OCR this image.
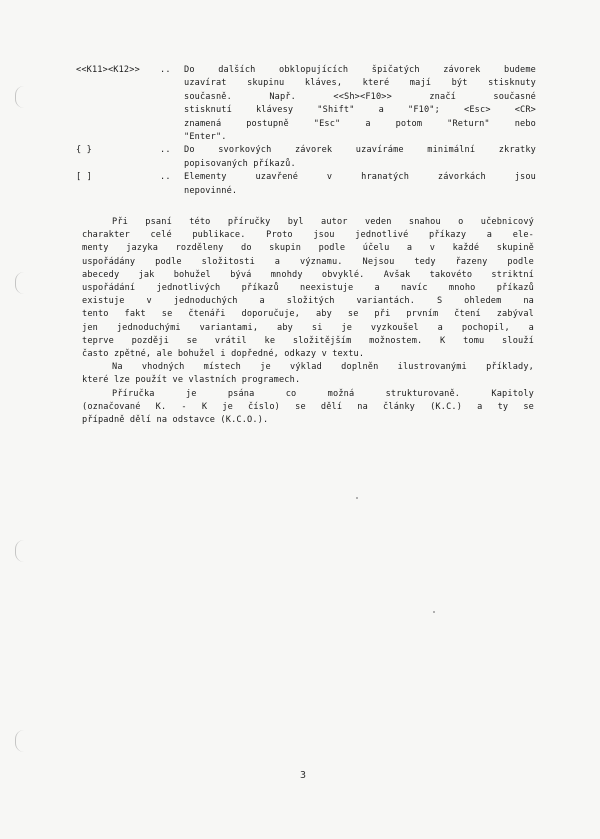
<<K11><K12>>	..	Do dalších obklopujících špičatých závorek budeme
uzavírat skupinu kláves, které mají být stisknuty
současně. Např. <<Sh><F10>> značí současné
stisknutí klávesy "Shift" a "F10"; <Esc> <CR>
znamená postupně "Esc" a potom "Return" nebo
"Enter".
{ }	..	Do svorkových závorek uzavíráme minimální zkratky
popisovaných příkazů.
[ ]	..	Elementy uzavřené v hranatých závorkách jsou
nepovinné.
Při psaní této příručky byl autor veden snahou o učebnicový
charakter celé publikace. Proto jsou jednotlivé příkazy a ele-
menty jazyka rozděleny do skupin podle účelu a v každé skupině
uspořádány podle složitosti a významu. Nejsou tedy řazeny podle
abecedy jak bohužel bývá mnohdy obvyklé. Avšak takovéto striktní
uspořádání jednotlivých příkazů neexistuje a navíc mnoho příkazů
existuje v jednoduchých a složitých variantách. S ohledem na
tento fakt se čtenáři doporučuje, aby se při prvním čtení zabýval
jen jednoduchými variantami, aby si je vyzkoušel a pochopil, a
teprve později se vrátil ke složitějším možnostem. K tomu slouží
často zpětné, ale bohužel i dopředné, odkazy v textu.
Na vhodných místech je výklad doplněn ilustrovanými příklady,
které lze použít ve vlastních programech.
Příručka je psána co možná strukturovaně. Kapitoly
(označované K. - K je číslo) se dělí na články (K.C.) a ty se
případně dělí na odstavce (K.C.O.).
3
